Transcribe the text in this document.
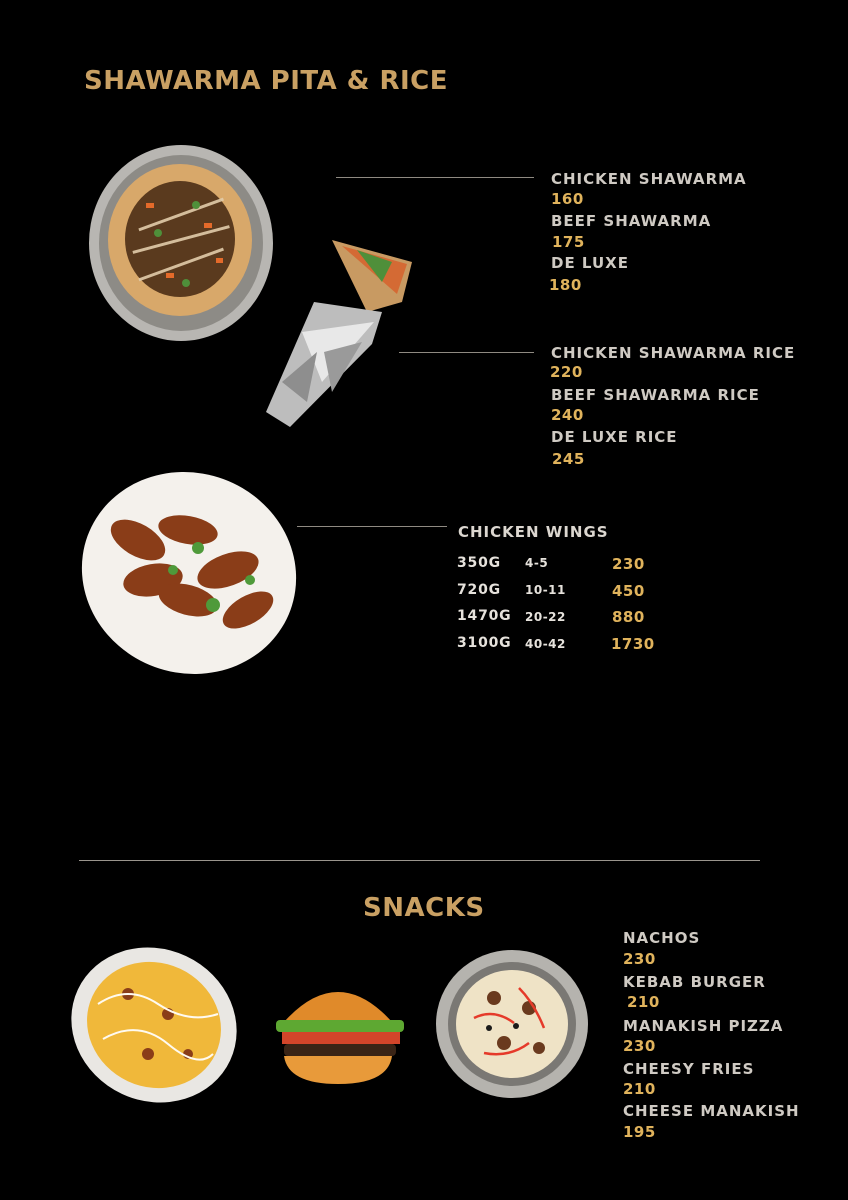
SHAWARMA PITA & RICE
CHICKEN SHAWARMA
160
BEEF SHAWARMA
175
DE LUXE
180
CHICKEN SHAWARMA RICE
220
BEEF SHAWARMA RICE
240
DE LUXE RICE
245
CHICKEN WINGS
350G 4-5	230
720G 10-11	450
1470G 20-22	880
3100G 40-42	1730
SNACKS
NACHOS
230
KEBAB BURGER
210
MANAKISH PIZZA
230
CHEESY FRIES
210
CHEESE MANAKISH
195
